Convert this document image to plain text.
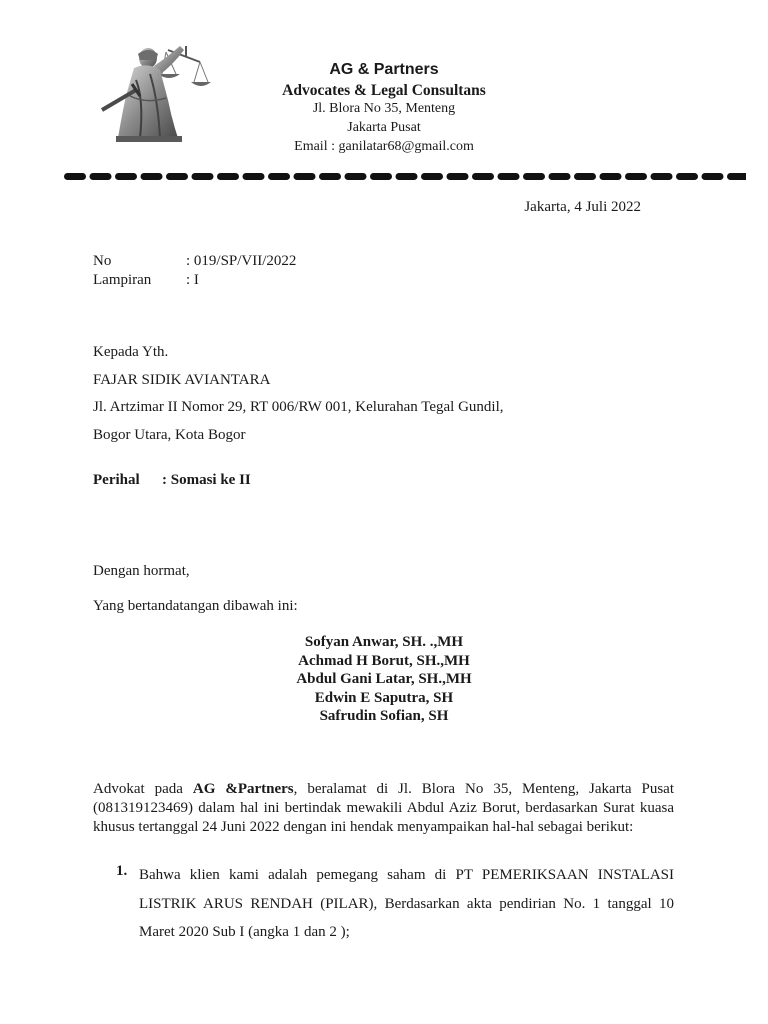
AG & Partners
Advocates & Legal Consultans
Jl. Blora No 35, Menteng
Jakarta Pusat
Email : ganilatar68@gmail.com
Jakarta, 4 Juli 2022
No	: 019/SP/VII/2022
Lampiran : I
Kepada Yth.
FAJAR SIDIK AVIANTARA
Jl. Artzimar II Nomor 29, RT 006/RW 001, Kelurahan Tegal Gundil,
Bogor Utara, Kota Bogor
Perihal : Somasi ke II
Dengan hormat,
Yang bertandatangan dibawah ini:
Sofyan Anwar, SH. .,MH
Achmad H Borut, SH.,MH
Abdul Gani Latar, SH.,MH
Edwin E Saputra, SH
Safrudin Sofian, SH
Advokat pada AG &Partners, beralamat di Jl. Blora No 35, Menteng, Jakarta Pusat (081319123469) dalam hal ini bertindak mewakili Abdul Aziz Borut, berdasarkan Surat kuasa khusus tertanggal 24 Juni 2022 dengan ini hendak menyampaikan hal-hal sebagai berikut:
1. Bahwa klien kami adalah pemegang saham di PT PEMERIKSAAN INSTALASI LISTRIK ARUS RENDAH (PILAR), Berdasarkan akta pendirian No. 1 tanggal 10 Maret 2020 Sub I (angka 1 dan 2 );
